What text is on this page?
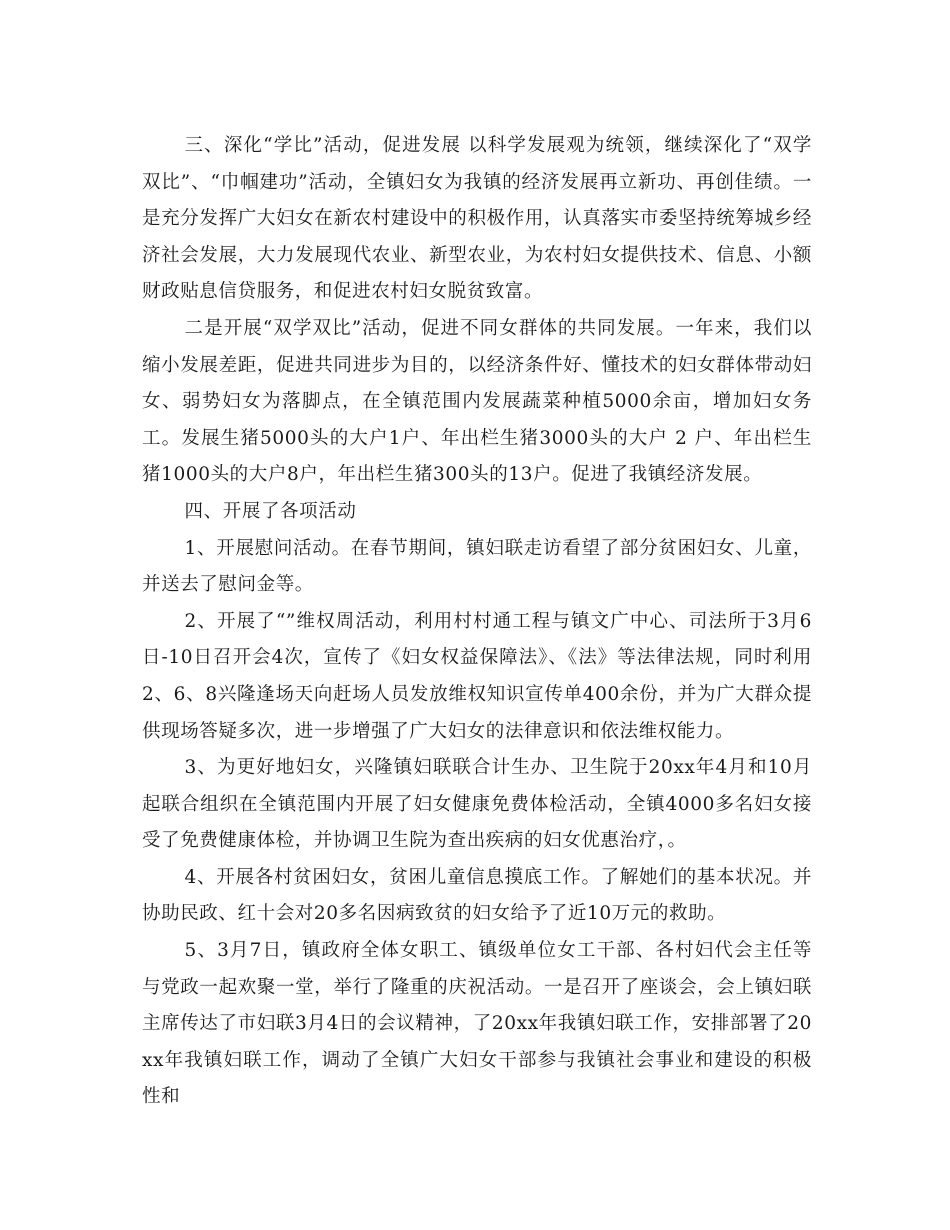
三、深化“学比”活动，促进发展 以科学发展观为统领，继续深化了“双学双比”、“巾帼建功”活动，全镇妇女为我镇的经济发展再立新功、再创佳绩。一是充分发挥广大妇女在新农村建设中的积极作用，认真落实市委坚持统筹城乡经济社会发展，大力发展现代农业、新型农业，为农村妇女提供技术、信息、小额财政贴息信贷服务，和促进农村妇女脱贫致富。

二是开展“双学双比”活动，促进不同女群体的共同发展。一年来，我们以缩小发展差距，促进共同进步为目的，以经济条件好、懂技术的妇女群体带动妇女、弱势妇女为落脚点，在全镇范围内发展蔬菜种植5000余亩，增加妇女务工。发展生猪5000头的大户1户、年出栏生猪3000头的大户 2 户、年出栏生猪1000头的大户8户，年出栏生猪300头的13户。促进了我镇经济发展。

四、开展了各项活动

1、开展慰问活动。在春节期间，镇妇联走访看望了部分贫困妇女、儿童，并送去了慰问金等。

2、开展了“”维权周活动，利用村村通工程与镇文广中心、司法所于3月6日-10日召开会4次，宣传了《妇女权益保障法》、《法》等法律法规，同时利用2、6、8兴隆逢场天向赶场人员发放维权知识宣传单400余份，并为广大群众提供现场答疑多次，进一步增强了广大妇女的法律意识和依法维权能力。

3、为更好地妇女，兴隆镇妇联联合计生办、卫生院于20xx年4月和10月起联合组织在全镇范围内开展了妇女健康免费体检活动，全镇4000多名妇女接受了免费健康体检，并协调卫生院为查出疾病的妇女优惠治疗，。

4、开展各村贫困妇女，贫困儿童信息摸底工作。了解她们的基本状况。并协助民政、红十会对20多名因病致贫的妇女给予了近10万元的救助。

5、3月7日，镇政府全体女职工、镇级单位女工干部、各村妇代会主任等与党政一起欢聚一堂，举行了隆重的庆祝活动。一是召开了座谈会，会上镇妇联主席传达了市妇联3月4日的会议精神，了20xx年我镇妇联工作，安排部署了20xx年我镇妇联工作，调动了全镇广大妇女干部参与我镇社会事业和建设的积极性和
